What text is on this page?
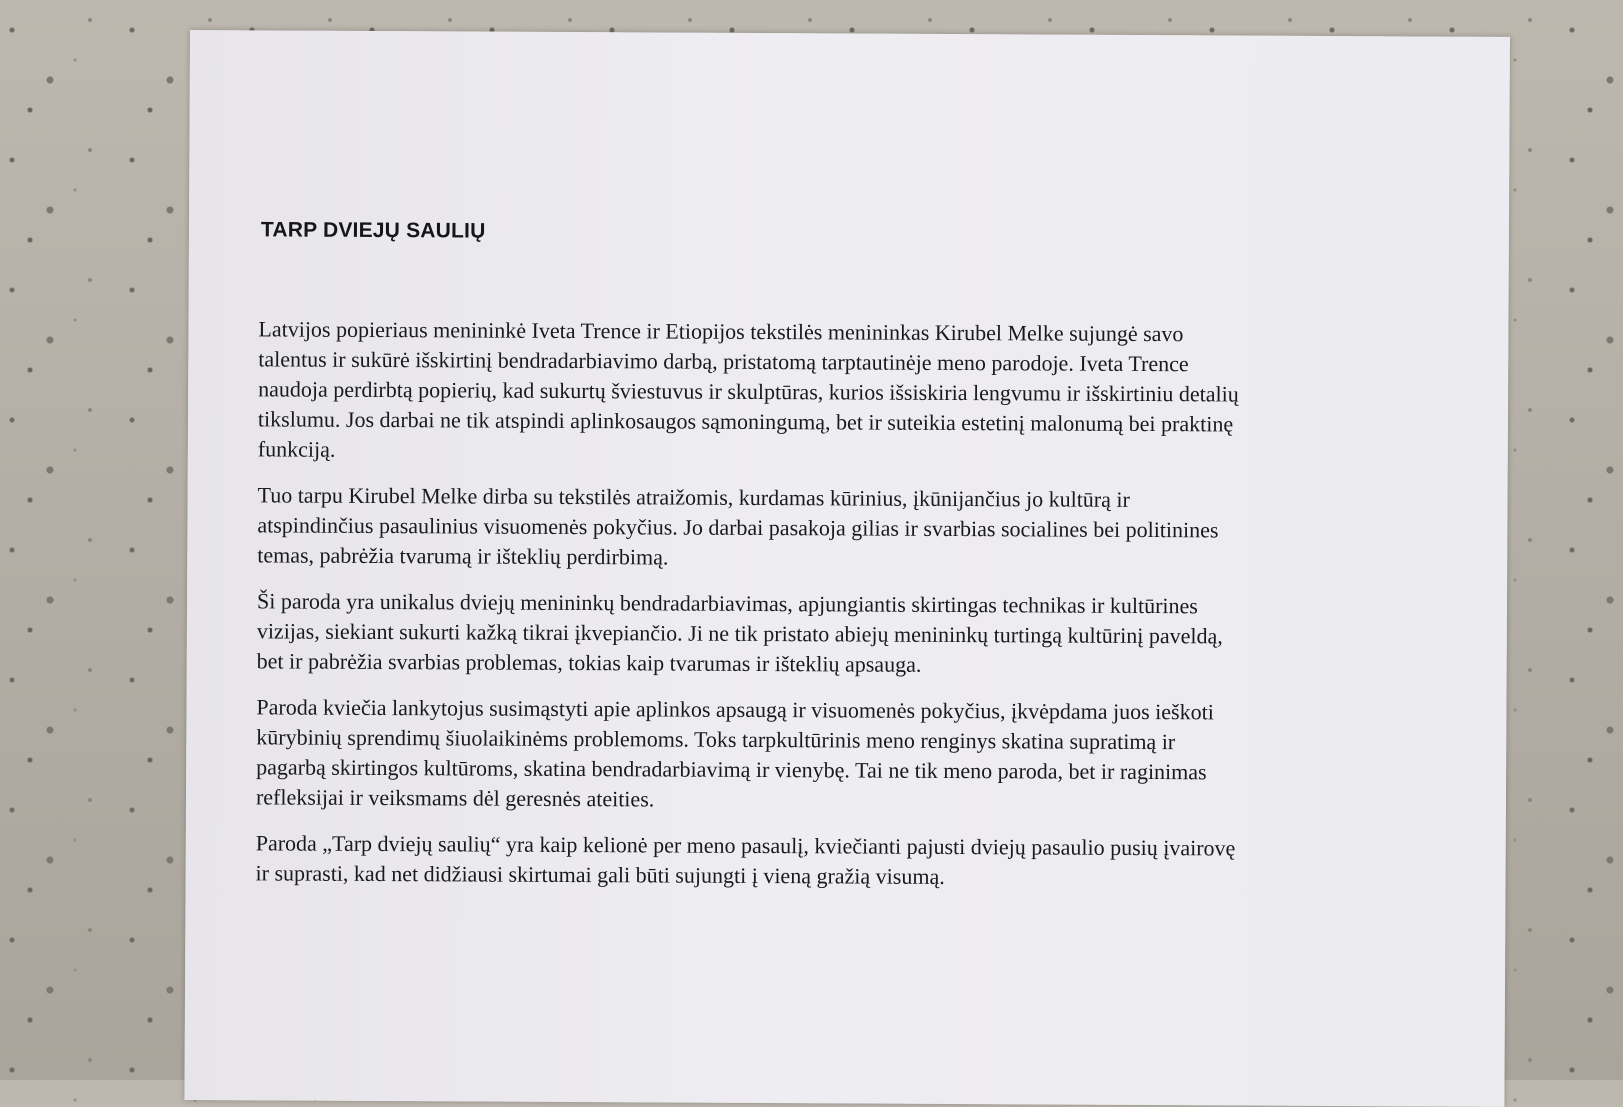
TARP DVIEJŲ SAULIŲ

Latvijos popieriaus menininkė Iveta Trence ir Etiopijos tekstilės menininkas Kirubel Melke sujungė savo
talentus ir sukūrė išskirtinį bendradarbiavimo darbą, pristatomą tarptautinėje meno parodoje. Iveta Trence
naudoja perdirbtą popierių, kad sukurtų šviestuvus ir skulptūras, kurios išsiskiria lengvumu ir išskirtiniu detalių
tikslumu. Jos darbai ne tik atspindi aplinkosaugos sąmoningumą, bet ir suteikia estetinį malonumą bei praktinę
funkciją.

Tuo tarpu Kirubel Melke dirba su tekstilės atraižomis, kurdamas kūrinius, įkūnijančius jo kultūrą ir
atspindinčius pasaulinius visuomenės pokyčius. Jo darbai pasakoja gilias ir svarbias socialines bei politinines
temas, pabrėžia tvarumą ir išteklių perdirbimą.

Ši paroda yra unikalus dviejų menininkų bendradarbiavimas, apjungiantis skirtingas technikas ir kultūrines
vizijas, siekiant sukurti kažką tikrai įkvepiančio. Ji ne tik pristato abiejų menininkų turtingą kultūrinį paveldą,
bet ir pabrėžia svarbias problemas, tokias kaip tvarumas ir išteklių apsauga.

Paroda kviečia lankytojus susimąstyti apie aplinkos apsaugą ir visuomenės pokyčius, įkvėpdama juos ieškoti
kūrybinių sprendimų šiuolaikinėms problemoms. Toks tarpkultūrinis meno renginys skatina supratimą ir
pagarbą skirtingos kultūroms, skatina bendradarbiavimą ir vienybę. Tai ne tik meno paroda, bet ir raginimas
refleksijai ir veiksmams dėl geresnės ateities.

Paroda „Tarp dviejų saulių“ yra kaip kelionė per meno pasaulį, kviečianti pajusti dviejų pasaulio pusių įvairovę
ir suprasti, kad net didžiausi skirtumai gali būti sujungti į vieną gražią visumą.
